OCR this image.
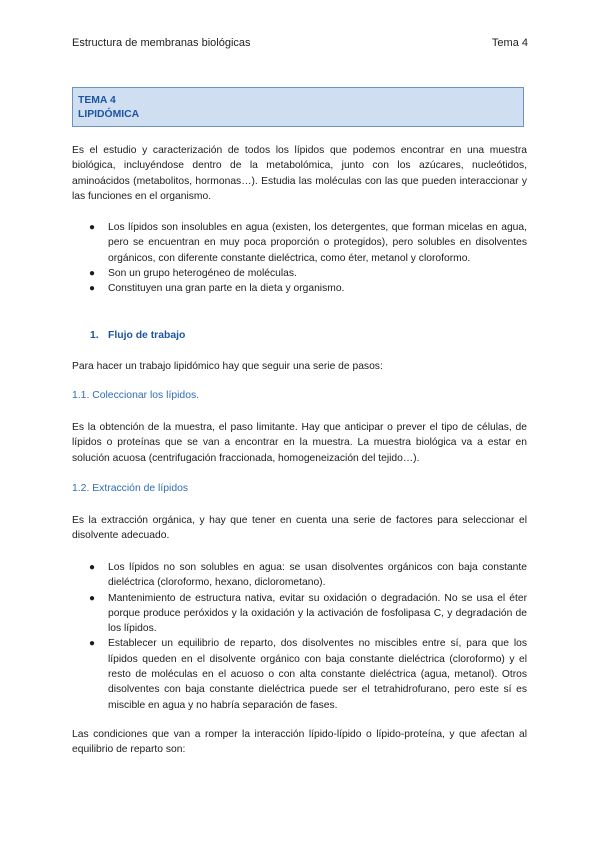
Estructura de membranas biológicas	Tema 4
TEMA 4
LIPIDÓMICA

Es el estudio y caracterización de todos los lípidos que podemos encontrar en una muestra biológica, incluyéndose dentro de la metabolómica, junto con los azúcares, nucleótidos, aminoácidos (metabolitos, hormonas…). Estudia las moléculas con las que pueden interaccionar y las funciones en el organismo.

● Los lípidos son insolubles en agua (existen, los detergentes, que forman micelas en agua, pero se encuentran en muy poca proporción o protegidos), pero solubles en disolventes orgánicos, con diferente constante dieléctrica, como éter, metanol y cloroformo.
● Son un grupo heterogéneo de moléculas.
● Constituyen una gran parte en la dieta y organismo.
1. Flujo de trabajo

Para hacer un trabajo lipidómico hay que seguir una serie de pasos:

1.1. Coleccionar los lípidos.

Es la obtención de la muestra, el paso limitante. Hay que anticipar o prever el tipo de células, de lípidos o proteínas que se van a encontrar en la muestra. La muestra biológica va a estar en solución acuosa (centrifugación fraccionada, homogeneización del tejido…).

1.2. Extracción de lípidos

Es la extracción orgánica, y hay que tener en cuenta una serie de factores para seleccionar el disolvente adecuado.

● Los lípidos no son solubles en agua: se usan disolventes orgánicos con baja constante dieléctrica (cloroformo, hexano, diclorometano).
● Mantenimiento de estructura nativa, evitar su oxidación o degradación. No se usa el éter porque produce peróxidos y la oxidación y la activación de fosfolipasa C, y degradación de los lípidos.
● Establecer un equilibrio de reparto, dos disolventes no miscibles entre sí, para que los lípidos queden en el disolvente orgánico con baja constante dieléctrica (cloroformo) y el resto de moléculas en el acuoso o con alta constante dieléctrica (agua, metanol). Otros disolventes con baja constante dieléctrica puede ser el tetrahidrofurano, pero este sí es miscible en agua y no habría separación de fases.

Las condiciones que van a romper la interacción lípido-lípido o lípido-proteína, y que afectan al equilibrio de reparto son:
